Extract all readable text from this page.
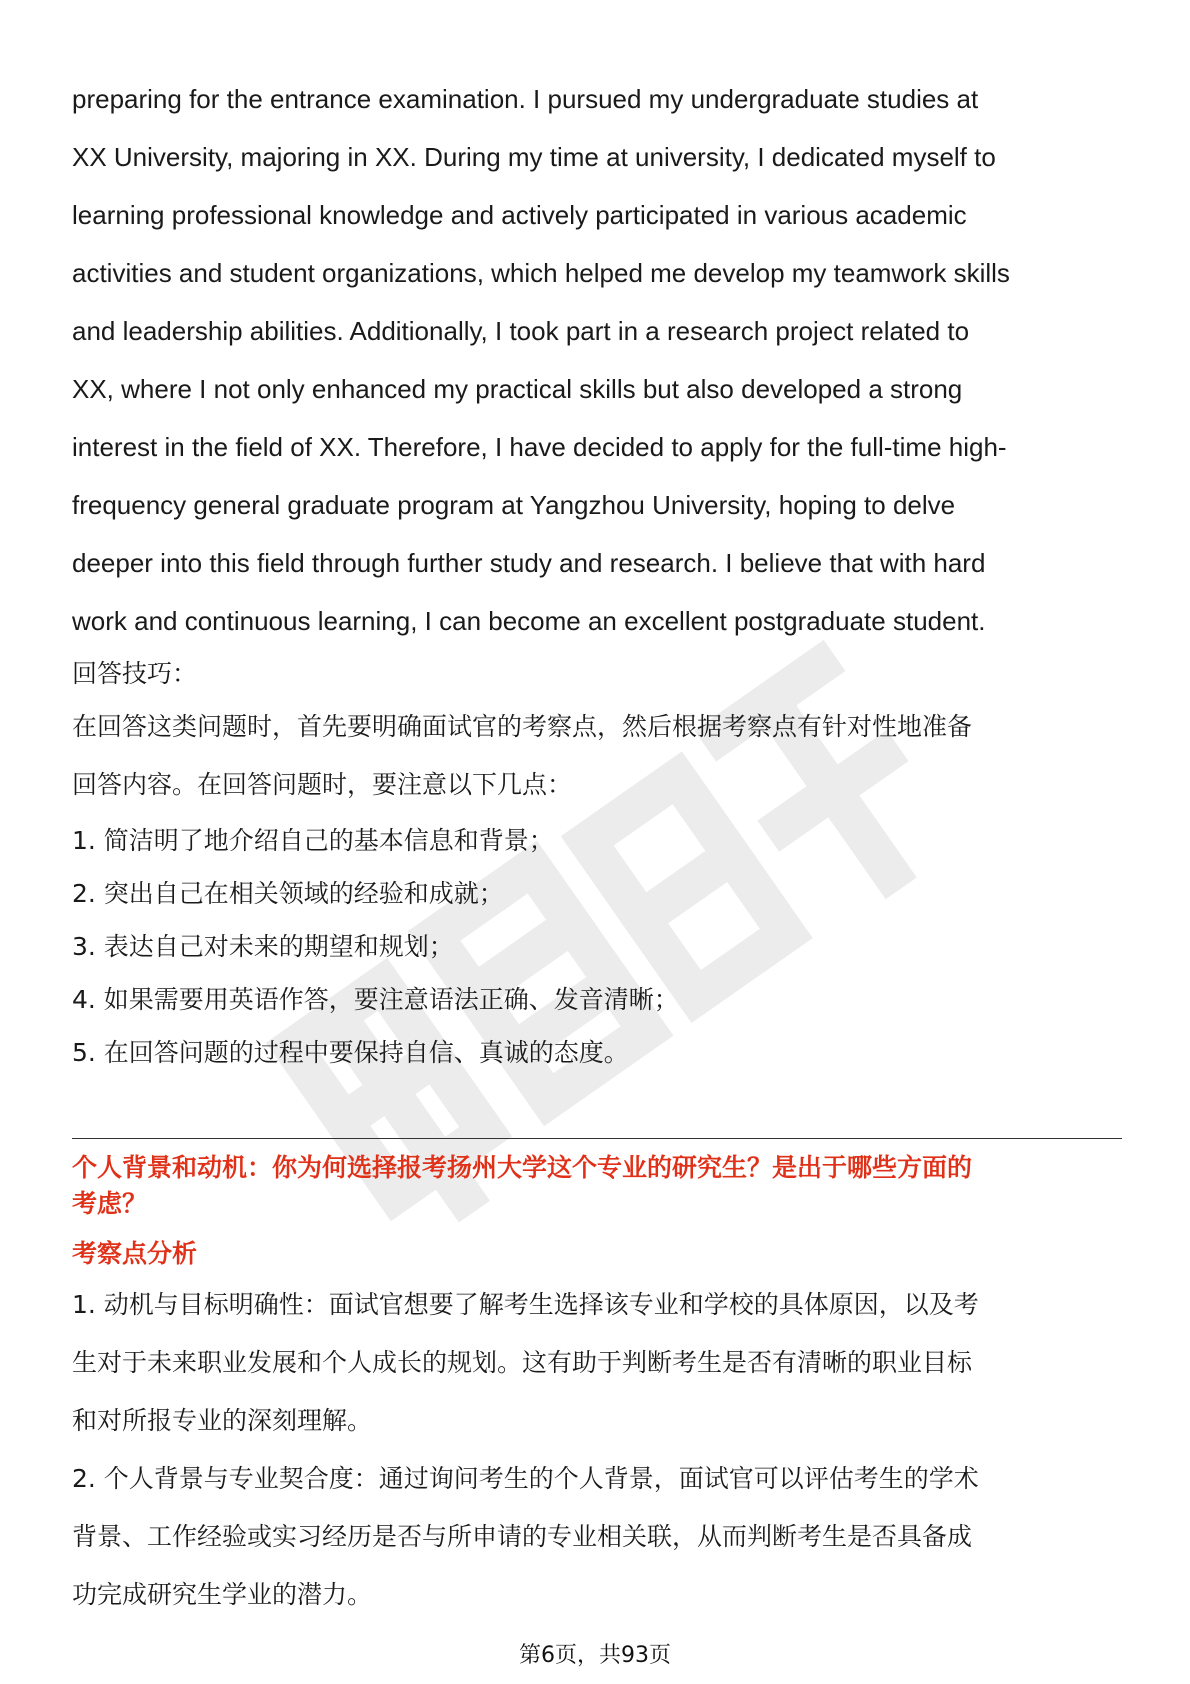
preparing for the entrance examination. I pursued my undergraduate studies at
XX University, majoring in XX. During my time at university, I dedicated myself to
learning professional knowledge and actively participated in various academic
activities and student organizations, which helped me develop my teamwork skills
and leadership abilities. Additionally, I took part in a research project related to
XX, where I not only enhanced my practical skills but also developed a strong
interest in the field of XX. Therefore, I have decided to apply for the full-time high-
frequency general graduate program at Yangzhou University, hoping to delve
deeper into this field through further study and research. I believe that with hard
work and continuous learning, I can become an excellent postgraduate student.

回答技巧：

在回答这类问题时，首先要明确面试官的考察点，然后根据考察点有针对性地准备
回答内容。在回答问题时，要注意以下几点：
1. 简洁明了地介绍自己的基本信息和背景；
2. 突出自己在相关领域的经验和成就；
3. 表达自己对未来的期望和规划；
4. 如果需要用英语作答，要注意语法正确、发音清晰；
5. 在回答问题的过程中要保持自信、真诚的态度。
个人背景和动机：你为何选择报考扬州大学这个专业的研究生？是出于哪些方面的
考虑？

考察点分析

1. 动机与目标明确性：面试官想要了解考生选择该专业和学校的具体原因，以及考
生对于未来职业发展和个人成长的规划。这有助于判断考生是否有清晰的职业目标
和对所报专业的深刻理解。
2. 个人背景与专业契合度：通过询问考生的个人背景，面试官可以评估考生的学术
背景、工作经验或实习经历是否与所申请的专业相关联，从而判断考生是否具备成
功完成研究生学业的潜力。
第6页，共93页
